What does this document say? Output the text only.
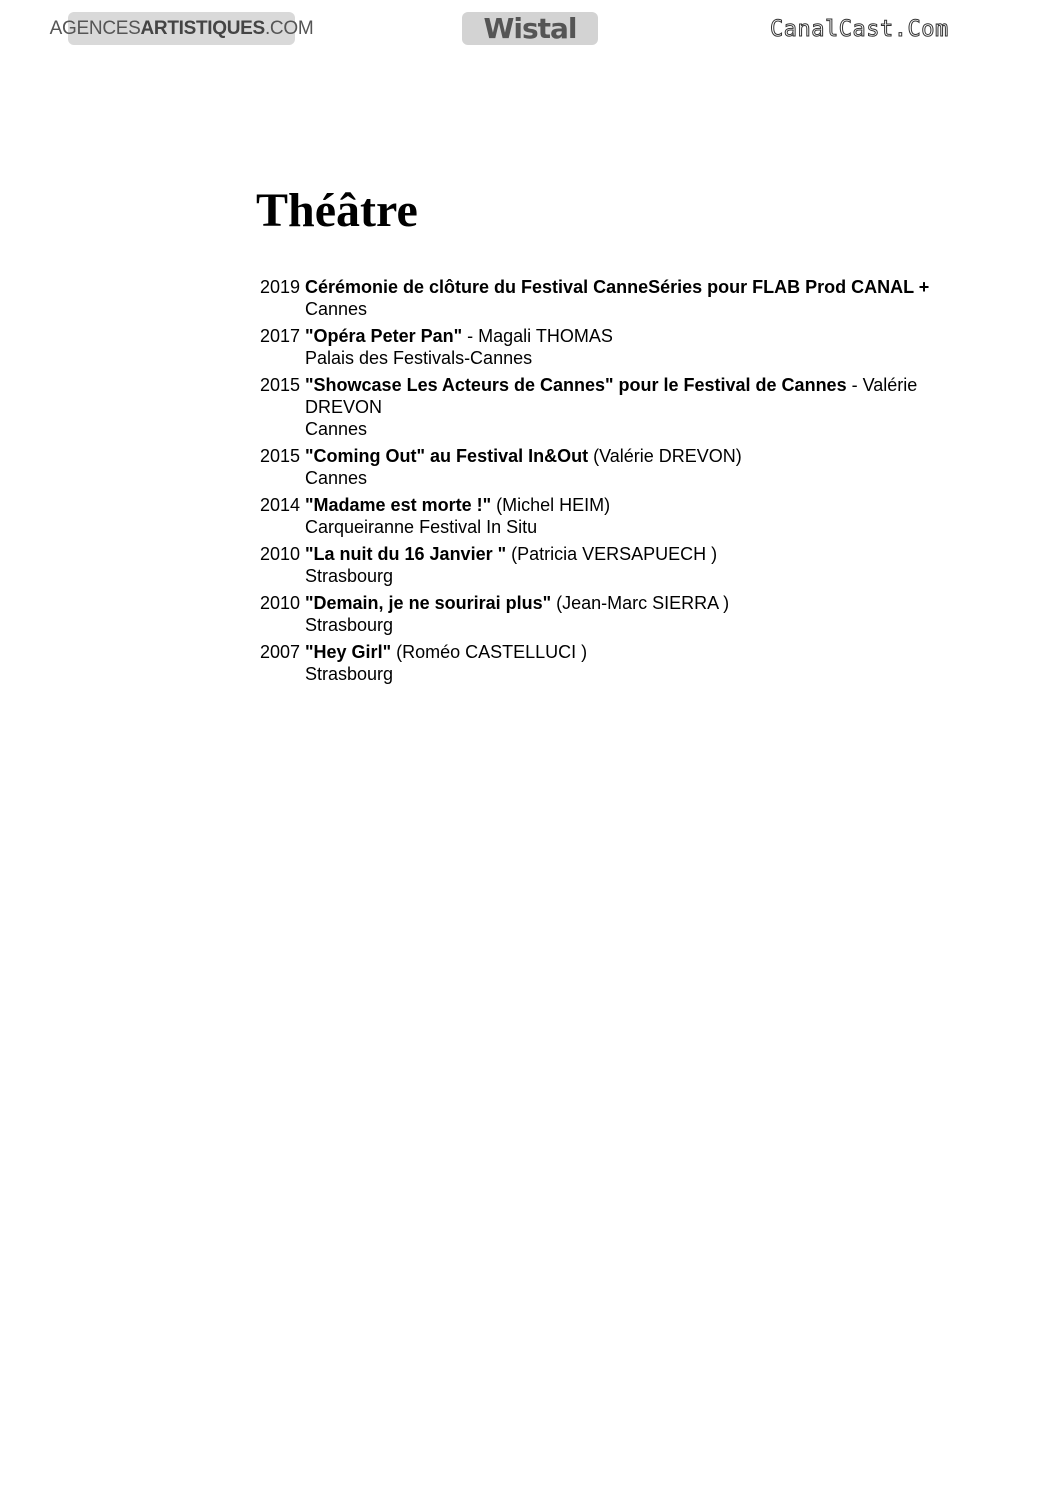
AGENCES ARTISTIQUES .COM	Wistal	CanalCast.Com
Théâtre
2019 Cérémonie de clôture du Festival CanneSéries pour FLAB Prod CANAL +
Cannes
2017 "Opéra Peter Pan" - Magali THOMAS
Palais des Festivals-Cannes
2015 "Showcase Les Acteurs de Cannes" pour le Festival de Cannes - Valérie DREVON
Cannes
2015 "Coming Out" au Festival In&Out (Valérie DREVON)
Cannes
2014 "Madame est morte !" (Michel HEIM)
Carqueiranne Festival In Situ
2010 "La nuit du 16 Janvier " (Patricia VERSAPUECH )
Strasbourg
2010 "Demain, je ne sourirai plus" (Jean-Marc SIERRA )
Strasbourg
2007 "Hey Girl" (Roméo CASTELLUCI )
Strasbourg
